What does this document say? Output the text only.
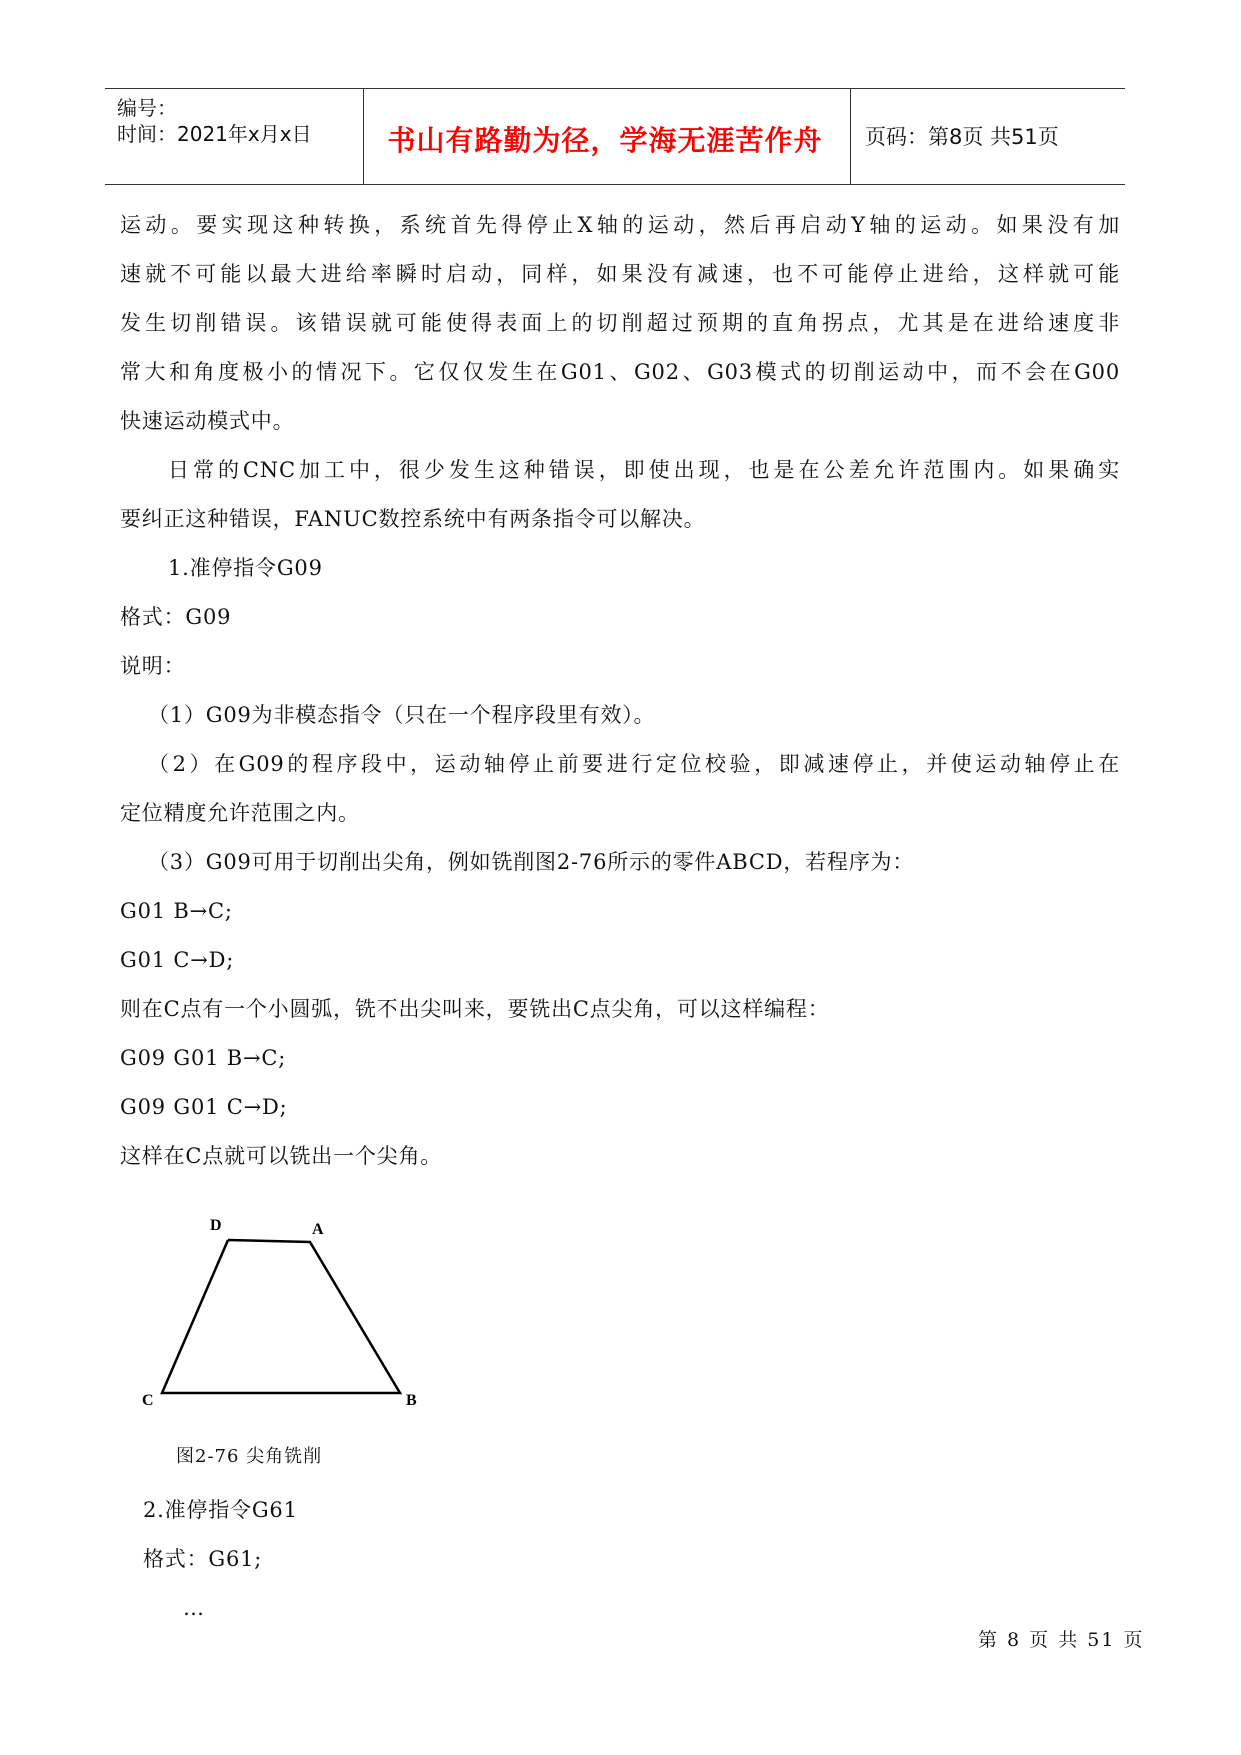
编号：
时间：2021年x月x日	书山有路勤为径，学海无涯苦作舟	页码：第8页 共51页
运动。要实现这种转换，系统首先得停止X轴的运动，然后再启动Y轴的运动。如果没有加
速就不可能以最大进给率瞬时启动，同样，如果没有减速，也不可能停止进给，这样就可能
发生切削错误。该错误就可能使得表面上的切削超过预期的直角拐点，尤其是在进给速度非
常大和角度极小的情况下。它仅仅发生在G01、G02、G03模式的切削运动中，而不会在G00
快速运动模式中。
日常的CNC加工中，很少发生这种错误，即使出现，也是在公差允许范围内。如果确实
要纠正这种错误，FANUC数控系统中有两条指令可以解决。
1.准停指令G09
格式：G09
说明：
（1）G09为非模态指令（只在一个程序段里有效）。
（2）在G09的程序段中，运动轴停止前要进行定位校验，即减速停止，并使运动轴停止在
定位精度允许范围之内。
（3）G09可用于切削出尖角，例如铣削图2-76所示的零件ABCD，若程序为：
G01 B→C;
G01 C→D;
则在C点有一个小圆弧，铣不出尖叫来，要铣出C点尖角，可以这样编程：
G09 G01 B→C;
G09 G01 C→D;
这样在C点就可以铣出一个尖角。
D	A
C	B
图2-76 尖角铣削
2.准停指令G61
格式：G61;
…
第 8 页 共 51 页
